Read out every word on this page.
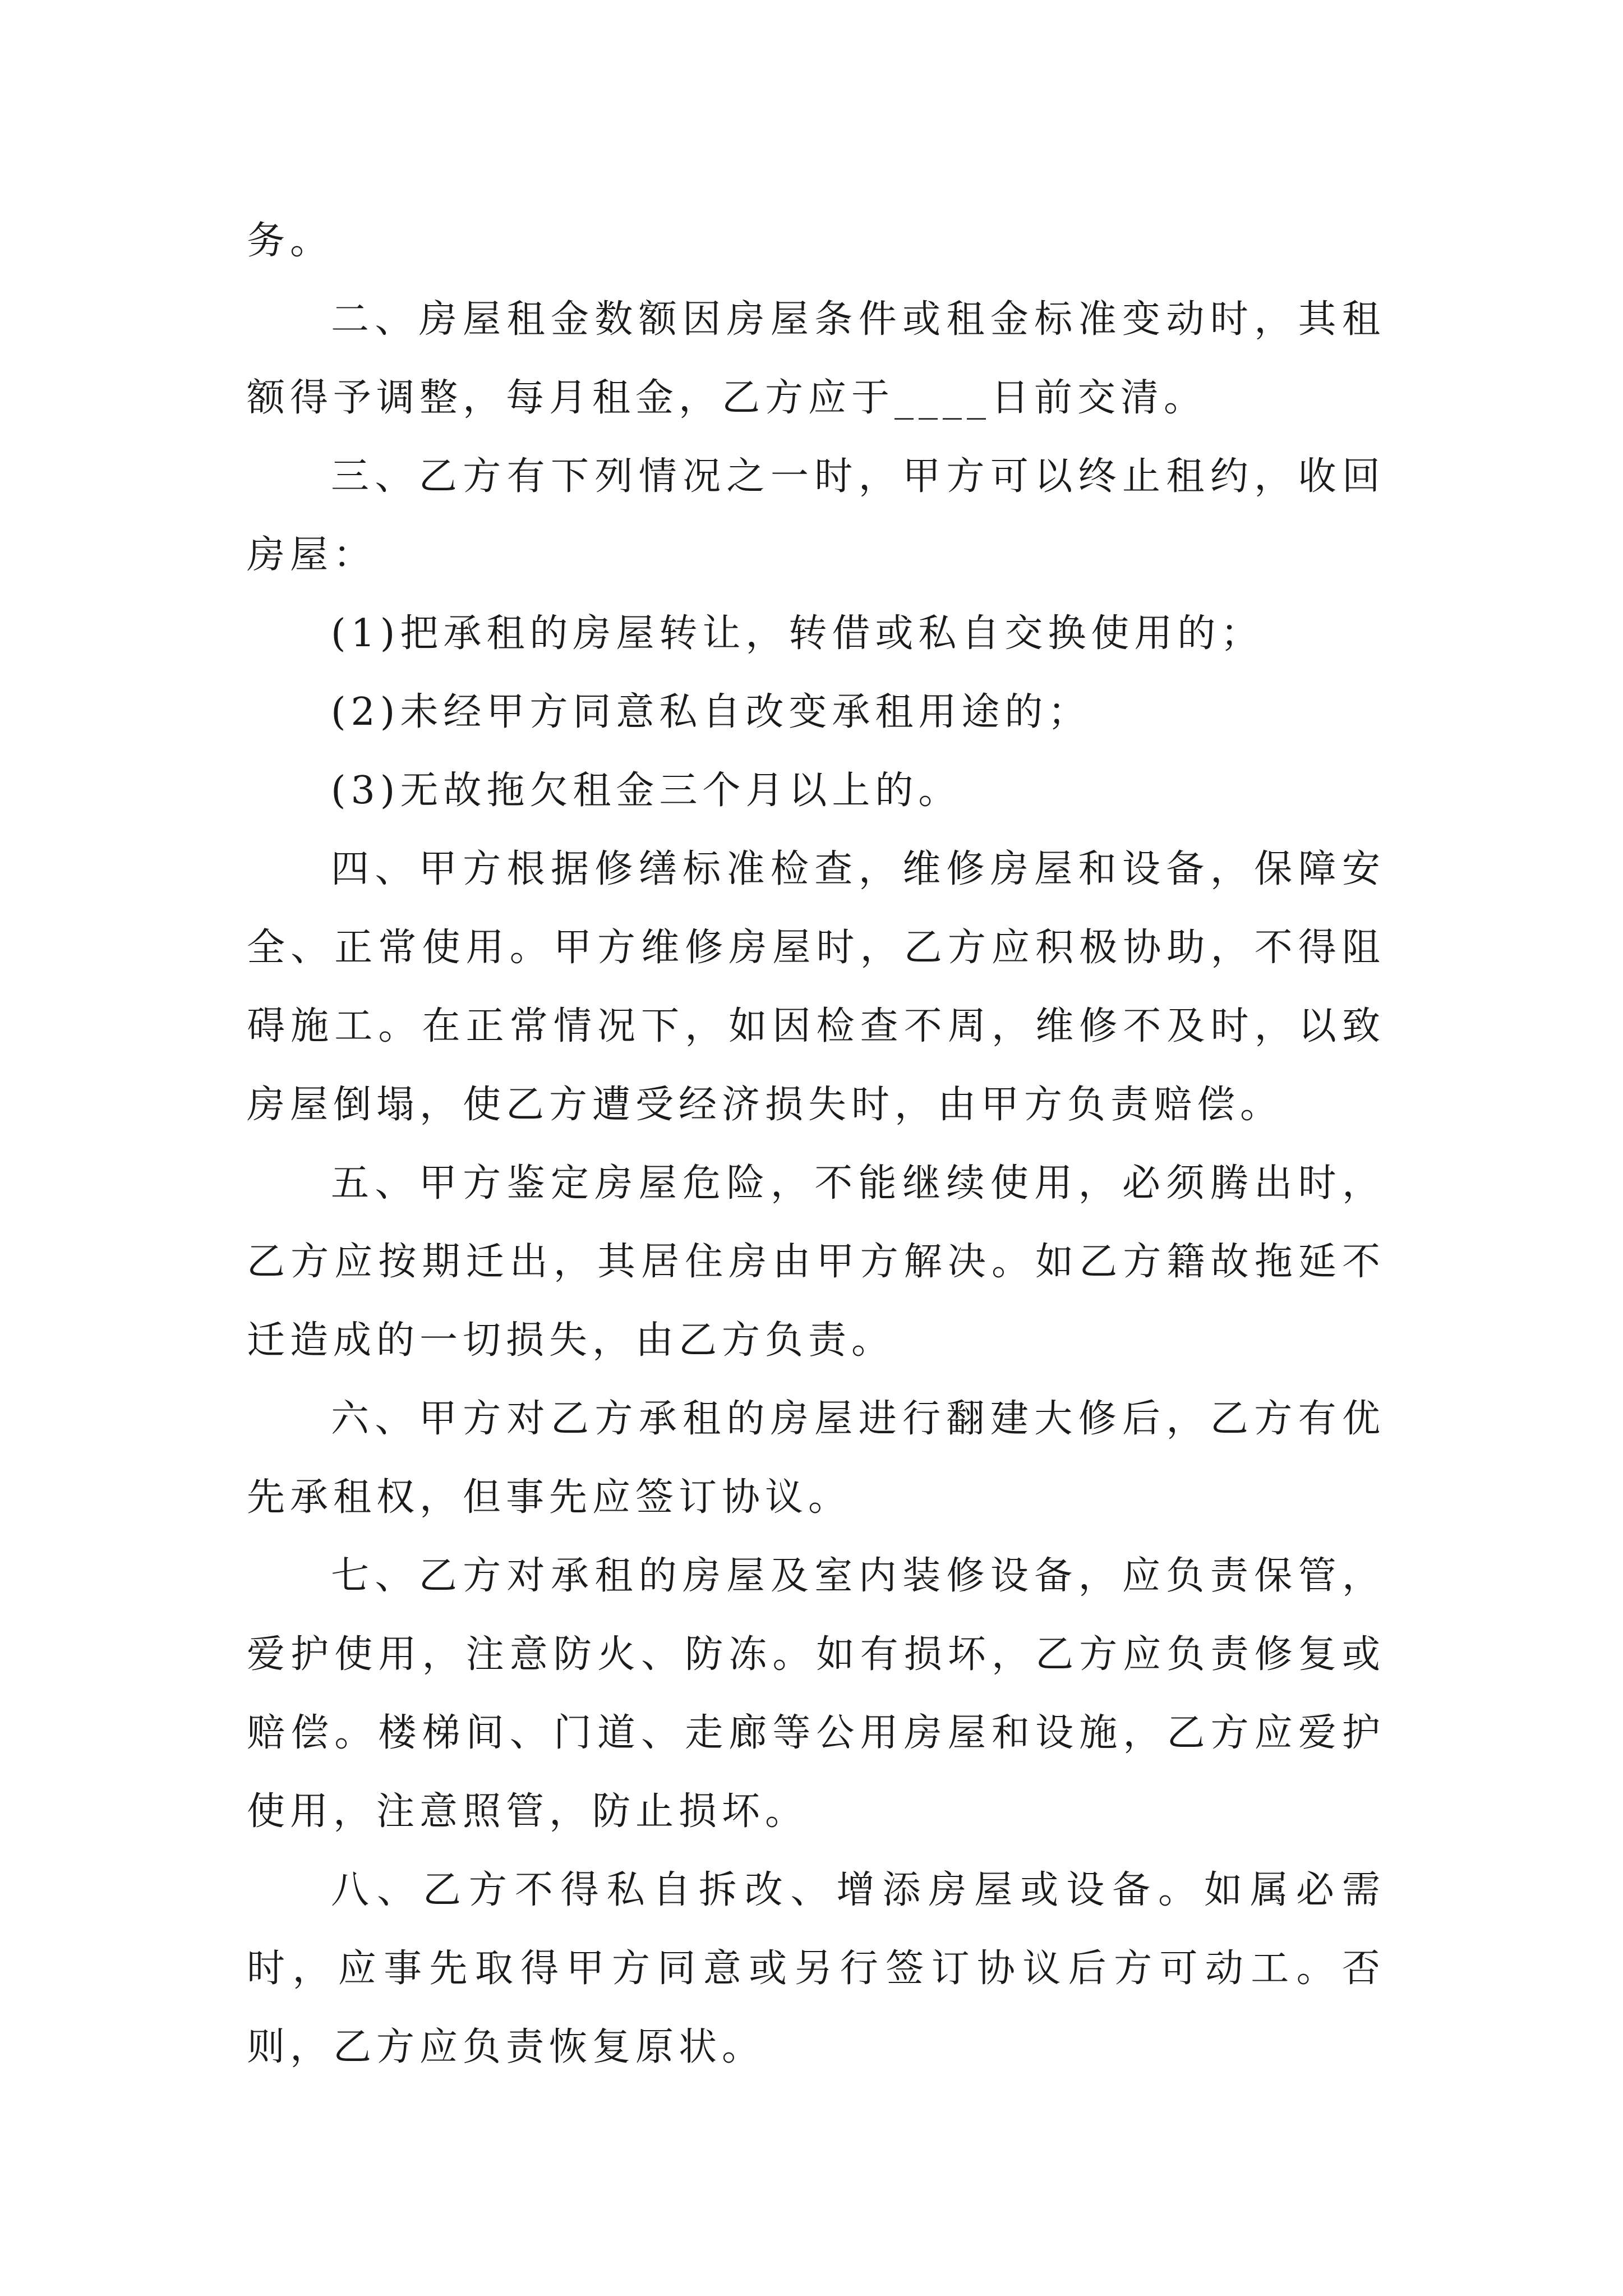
务。

二、房屋租金数额因房屋条件或租金标准变动时，其租额得予调整，每月租金，乙方应于____日前交清。

三、乙方有下列情况之一时，甲方可以终止租约，收回房屋：

(1)把承租的房屋转让，转借或私自交换使用的；

(2)未经甲方同意私自改变承租用途的；

(3)无故拖欠租金三个月以上的。

四、甲方根据修缮标准检查，维修房屋和设备，保障安全、正常使用。甲方维修房屋时，乙方应积极协助，不得阻碍施工。在正常情况下，如因检查不周，维修不及时，以致房屋倒塌，使乙方遭受经济损失时，由甲方负责赔偿。

五、甲方鉴定房屋危险，不能继续使用，必须腾出时，乙方应按期迁出，其居住房由甲方解决。如乙方籍故拖延不迁造成的一切损失，由乙方负责。

六、甲方对乙方承租的房屋进行翻建大修后，乙方有优先承租权，但事先应签订协议。

七、乙方对承租的房屋及室内装修设备，应负责保管，爱护使用，注意防火、防冻。如有损坏，乙方应负责修复或赔偿。楼梯间、门道、走廊等公用房屋和设施，乙方应爱护使用，注意照管，防止损坏。

八、乙方不得私自拆改、增添房屋或设备。如属必需时，应事先取得甲方同意或另行签订协议后方可动工。否则，乙方应负责恢复原状。
